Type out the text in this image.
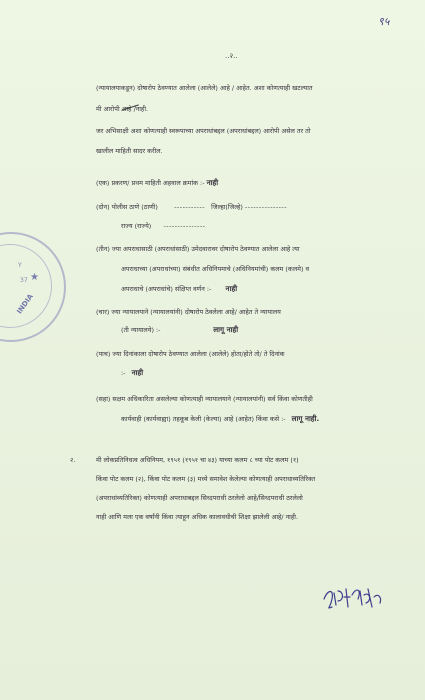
Y
37 ★
INDIA
९५
..२..
(न्यायालयाकडून) दोषारोप ठेवण्यात आलेला (आलेले) आहे / आहेत. अशा कोणत्याही खटल्यात
मी आरोपी आहे /नाही.
जर अभिसाक्षी अशा कोणत्याही स्वरूपाच्या अपराधांबद्दल (अपराधांबद्दल) आरोपी असेल तर तो
खालील माहिती सादर करील.
(एक) प्रकरण/ प्रथम माहिती अहवाल क्रमांक :- नाही
(दोन) पोलीस ठाणे (ठाणी)	----------- जिल्हा(जिल्हे) ---------------
राज्य (राज्ये) ---------------
(तीन) ज्या अपराधासाठी (अपराधांसाठी) उमेदवारावर दोषारोप ठेवण्यात आलेला आहे त्या
अपराधाच्या (अपराधांच्या) संबंधीत अधिनियमाचे (अधिनियमांची) कलम (कलमे) व
अपराधाचे (अपराधांचे) संक्षिप्त वर्णन :- नाही
(चार) ज्या न्यायालयाने (न्यायालयांनी) दोषारोप ठेवलेला आहे/ आहेत ते न्यायालय
(ती न्यायालये) :-	लागू नाही
(पाच) ज्या दिनांकाला दोषारोप ठेवण्यात आलेला (आलेले) होता/होते तो/ ते दिनांक
:- नाही
(सहा) सक्षम अधिकारिता असलेल्या कोणत्याही न्यायालयाने (न्यायालयांनी) सर्व किंवा कोणतीही
कार्यवाही (कार्यवाह्या) तहकूब केली (केल्या) आहे (आहेत) किंवा कसे :- लागू नाही.
२.	मी लोकप्रतिनिधत्व अधिनियम, १९५१ (१९५१ चा ४३) याच्या कलम ८ च्या पोट कलम (१)
किंवा पोट कलम (२), किंवा पोट कलम (३) मध्ये समावेश केलेल्या कोणत्याही अपराधाव्यतिरिक्त
(अपराधांव्यतिरिक्त) कोणत्याही अपराधाबद्दल सिध्दपराधी ठरलेलो आहे/सिध्दपराधी ठरलेलो
नाही आणि मला एक वर्षांनी किंवा त्याहून अधिक कालावधीची शिक्षा झालेली आहे/ नाही.
